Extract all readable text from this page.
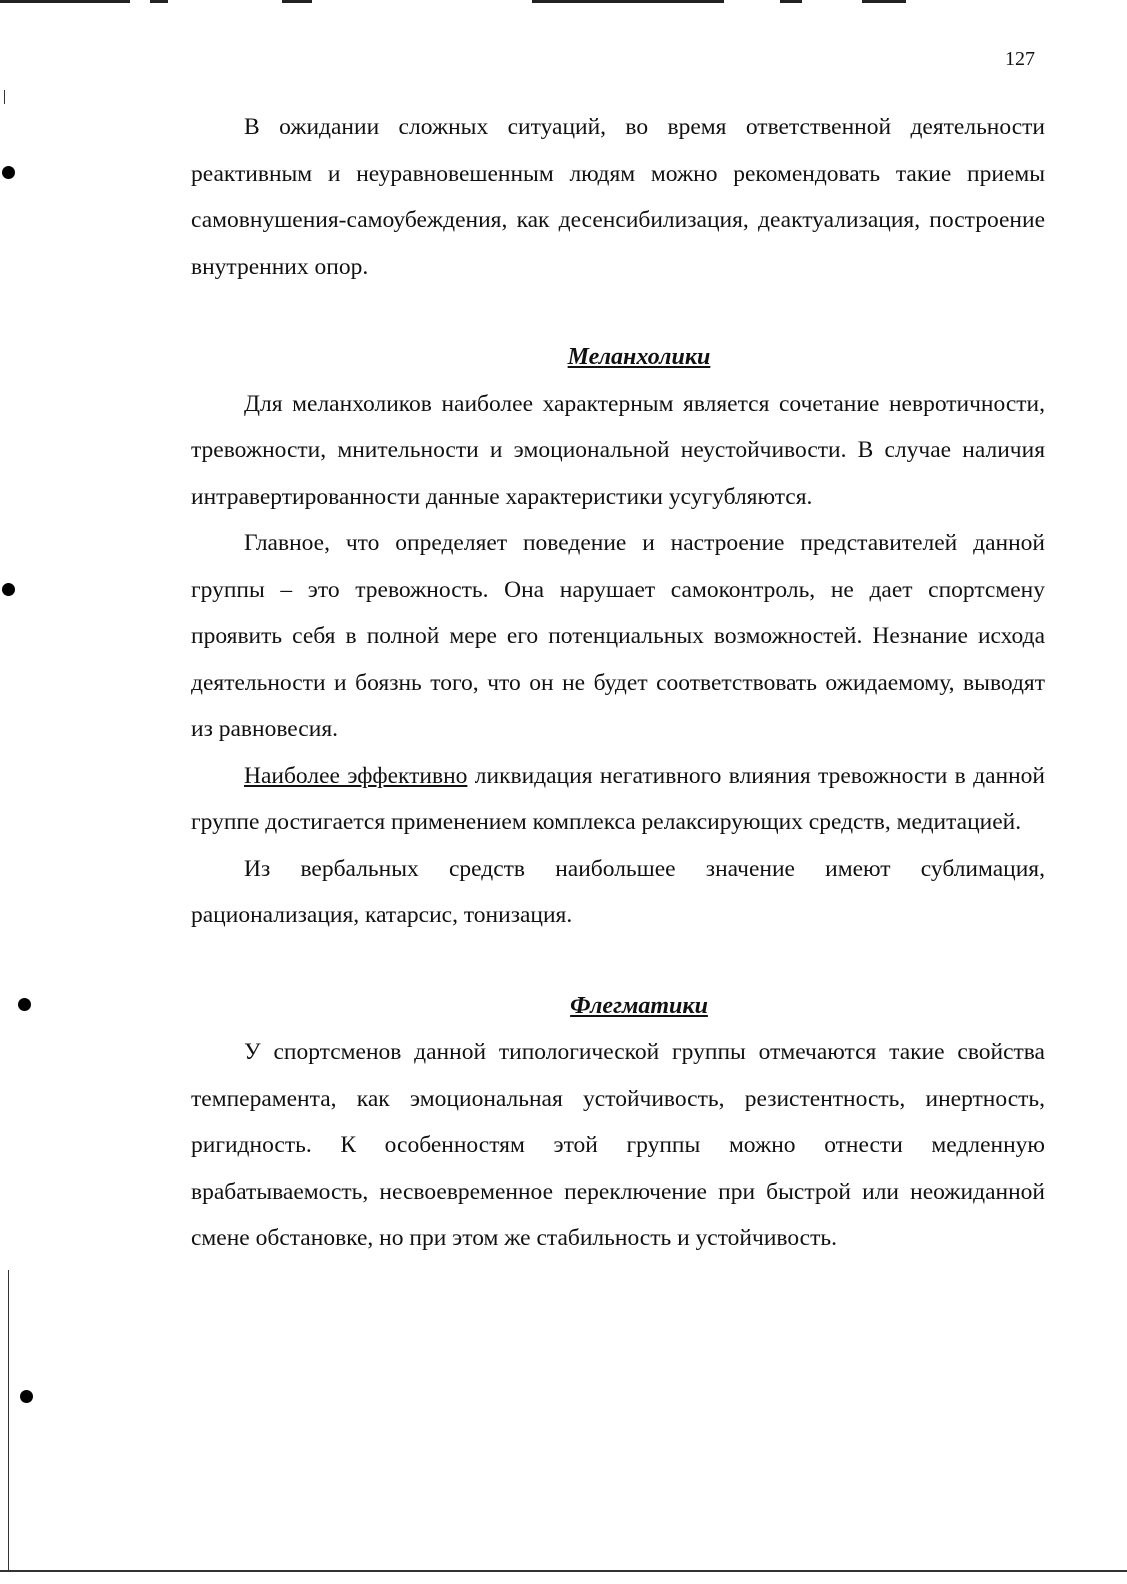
127

В ожидании сложных ситуаций, во время ответственной деятельности реактивным и неуравновешенным людям можно рекомендовать такие приемы самовнушения-самоубеждения, как десенсибилизация, деактуализация, построение внутренних опор.

Меланхолики

Для меланхоликов наиболее характерным является сочетание невротичности, тревожности, мнительности и эмоциональной неустойчивости. В случае наличия интравертированности данные характеристики усугубляются.

Главное, что определяет поведение и настроение представителей данной группы – это тревожность. Она нарушает самоконтроль, не дает спортсмену проявить себя в полной мере его потенциальных возможностей. Незнание исхода деятельности и боязнь того, что он не будет соответствовать ожидаемому, выводят из равновесия.

Наиболее эффективно ликвидация негативного влияния тревожности в данной группе достигается применением комплекса релаксирующих средств, медитацией.

Из вербальных средств наибольшее значение имеют сублимация, рационализация, катарсис, тонизация.

Флегматики

У спортсменов данной типологической группы отмечаются такие свойства темперамента, как эмоциональная устойчивость, резистентность, инертность, ригидность. К особенностям этой группы можно отнести медленную врабатываемость, несвоевременное переключение при быстрой или неожиданной смене обстановке, но при этом же стабильность и устойчивость.
